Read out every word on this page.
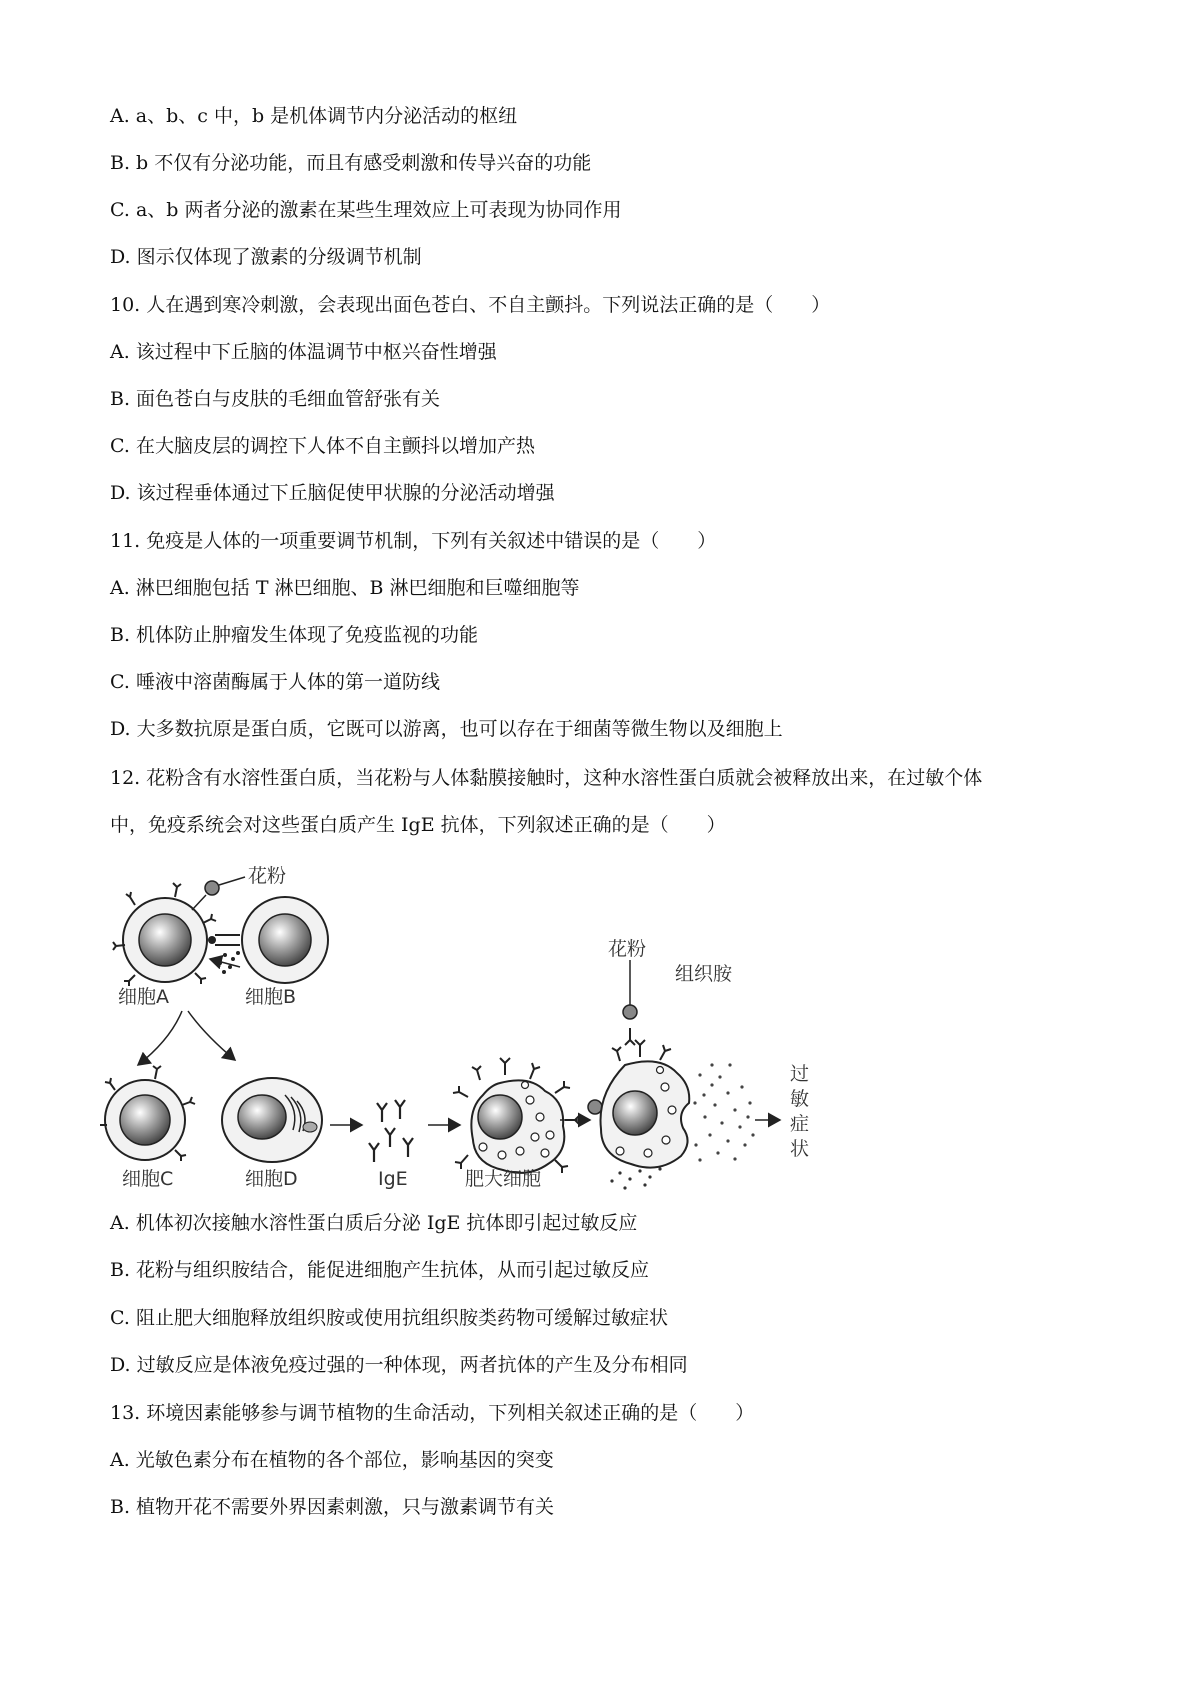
A. a、b、c 中，b 是机体调节内分泌活动的枢纽
B. b 不仅有分泌功能，而且有感受刺激和传导兴奋的功能
C. a、b 两者分泌的激素在某些生理效应上可表现为协同作用
D. 图示仅体现了激素的分级调节机制
10. 人在遇到寒冷刺激，会表现出面色苍白、不自主颤抖。下列说法正确的是（　　）
A. 该过程中下丘脑的体温调节中枢兴奋性增强
B. 面色苍白与皮肤的毛细血管舒张有关
C. 在大脑皮层的调控下人体不自主颤抖以增加产热
D. 该过程垂体通过下丘脑促使甲状腺的分泌活动增强
11. 免疫是人体的一项重要调节机制，下列有关叙述中错误的是（　　）
A. 淋巴细胞包括 T 淋巴细胞、B 淋巴细胞和巨噬细胞等
B. 机体防止肿瘤发生体现了免疫监视的功能
C. 唾液中溶菌酶属于人体的第一道防线
D. 大多数抗原是蛋白质，它既可以游离，也可以存在于细菌等微生物以及细胞上
12. 花粉含有水溶性蛋白质，当花粉与人体黏膜接触时，这种水溶性蛋白质就会被释放出来，在过敏个体
中，免疫系统会对这些蛋白质产生 IgE 抗体，下列叙述正确的是（　　）
花粉
细胞A	细胞B
细胞C	细胞D	IgE	肥大细胞
花粉
组织胺
过
敏
症
状
A. 机体初次接触水溶性蛋白质后分泌 IgE 抗体即引起过敏反应
B. 花粉与组织胺结合，能促进细胞产生抗体，从而引起过敏反应
C. 阻止肥大细胞释放组织胺或使用抗组织胺类药物可缓解过敏症状
D. 过敏反应是体液免疫过强的一种体现，两者抗体的产生及分布相同
13. 环境因素能够参与调节植物的生命活动，下列相关叙述正确的是（　　）
A. 光敏色素分布在植物的各个部位，影响基因的突变
B. 植物开花不需要外界因素刺激，只与激素调节有关
